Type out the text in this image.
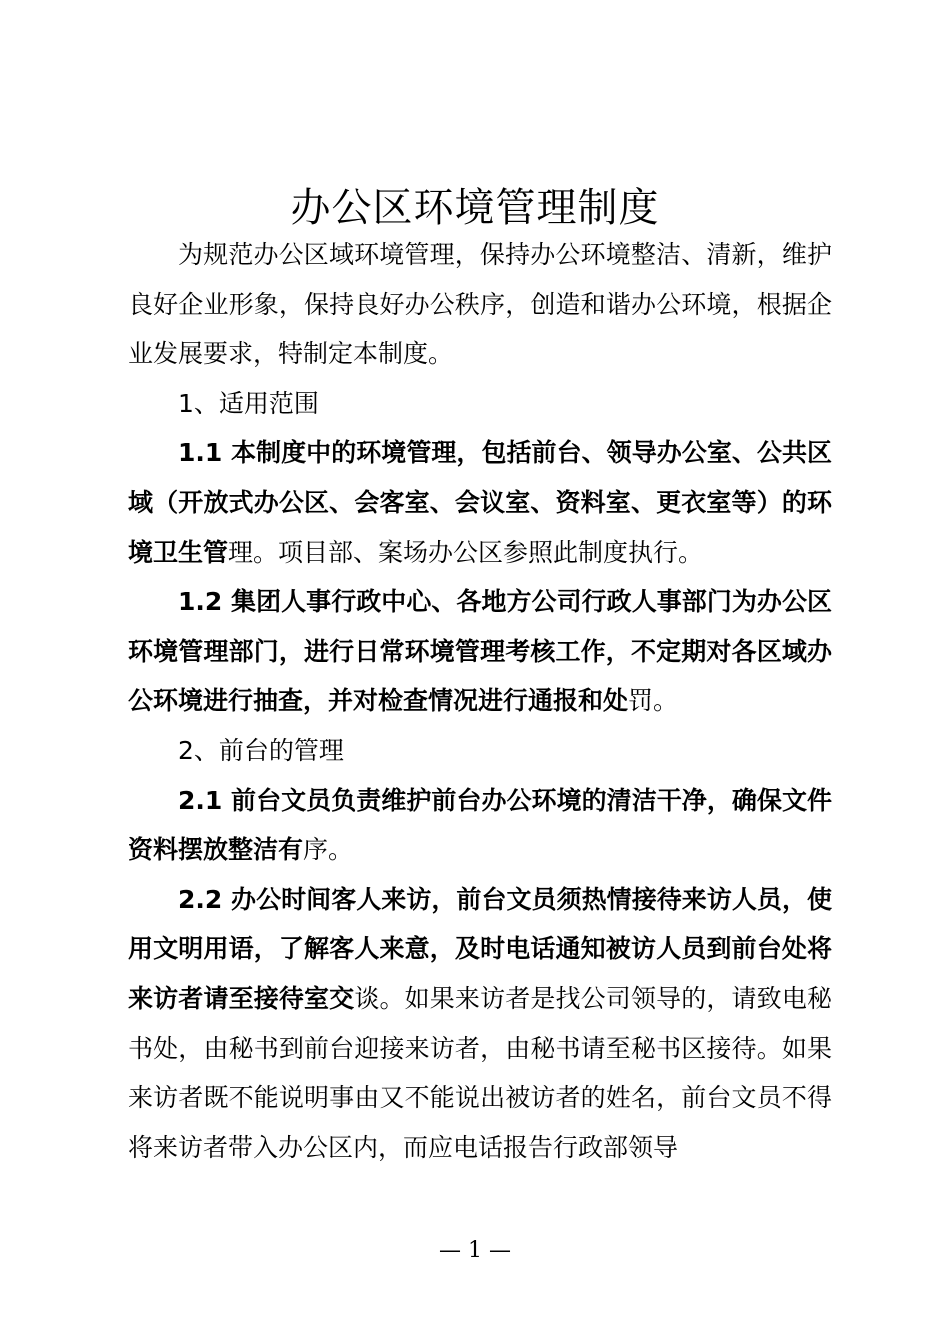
办公区环境管理制度

为规范办公区域环境管理，保持办公环境整洁、清新，维护良好企业形象，保持良好办公秩序，创造和谐办公环境，根据企业发展要求，特制定本制度。

1、适用范围

1.1 本制度中的环境管理，包括前台、领导办公室、公共区域（开放式办公区、会客室、会议室、资料室、更衣室等）的环境卫生管理。项目部、案场办公区参照此制度执行。

1.2 集团人事行政中心、各地方公司行政人事部门为办公区环境管理部门，进行日常环境管理考核工作，不定期对各区域办公环境进行抽查，并对检查情况进行通报和处罚。

2、前台的管理

2.1 前台文员负责维护前台办公环境的清洁干净，确保文件资料摆放整洁有序。

2.2 办公时间客人来访，前台文员须热情接待来访人员，使用文明用语，了解客人来意，及时电话通知被访人员到前台处将来访者请至接待室交谈。如果来访者是找公司领导的，请致电秘书处，由秘书到前台迎接来访者，由秘书请至秘书区接待。如果来访者既不能说明事由又不能说出被访者的姓名，前台文员不得将来访者带入办公区内，而应电话报告行政部领导

— 1 —
